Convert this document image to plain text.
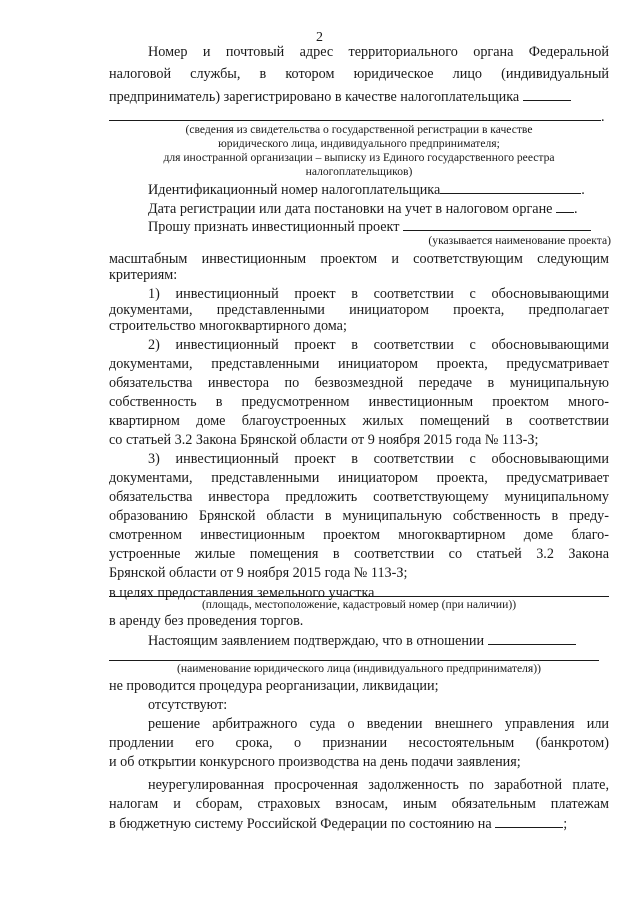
2
Номер и почтовый адрес территориального органа Федеральной
налоговой службы, в котором юридическое лицо (индивидуальный
предприниматель) зарегистрировано в качестве налогоплательщика
.
(сведения из свидетельства о государственной регистрации в качестве
юридического лица, индивидуального предпринимателя;
для иностранной организации – выписку из Единого государственного реестра
налогоплательщиков)
Идентификационный номер налогоплательщика	.
Дата регистрации или дата постановки на учет в налоговом органе .
Прошу признать инвестиционный проект
(указывается наименование проекта)
масштабным инвестиционным проектом и соответствующим следующим
критериям:
1) инвестиционный проект в соответствии с обосновывающими
документами, представленными инициатором проекта, предполагает
строительство многоквартирного дома;
2) инвестиционный проект в соответствии с обосновывающими
документами, представленными инициатором проекта, предусматривает
обязательства инвестора по безвозмездной передаче в муниципальную
собственность в предусмотренном инвестиционным проектом много-
квартирном доме благоустроенных жилых помещений в соответствии
со статьей 3.2 Закона Брянской области от 9 ноября 2015 года № 113-З;
3) инвестиционный проект в соответствии с обосновывающими
документами, представленными инициатором проекта, предусматривает
обязательства инвестора предложить соответствующему муниципальному
образованию Брянской области в муниципальную собственность в преду-
смотренном инвестиционным проектом многоквартирном доме благо-
устроенные жилые помещения в соответствии со статьей 3.2 Закона
Брянской области от 9 ноября 2015 года № 113-З;
в целях предоставления земельного участка
(площадь, местоположение, кадастровый номер (при наличии))
в аренду без проведения торгов.
Настоящим заявлением подтверждаю, что в отношении
(наименование юридического лица (индивидуального предпринимателя))
не проводится процедура реорганизации, ликвидации;
отсутствуют:
решение арбитражного суда о введении внешнего управления или
продлении его срока, о признании несостоятельным (банкротом)
и об открытии конкурсного производства на день подачи заявления;
неурегулированная просроченная задолженность по заработной плате,
налогам и сборам, страховых взносам, иным обязательным платежам
в бюджетную систему Российской Федерации по состоянию на	;
